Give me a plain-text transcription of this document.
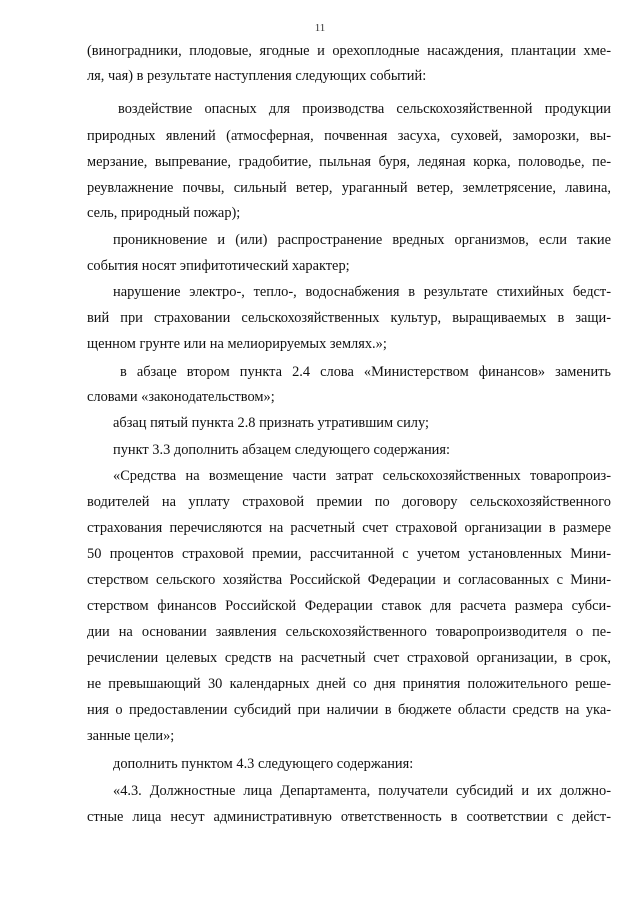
11
(виноградники, плодовые, ягодные и орехоплодные насаждения, плантации хме-
ля, чая) в результате наступления следующих событий:
воздействие опасных для производства сельскохозяйственной продукции
природных явлений (атмосферная, почвенная засуха, суховей, заморозки, вы-
мерзание, выпревание, градобитие, пыльная буря, ледяная корка, половодье, пе-
реувлажнение почвы, сильный ветер, ураганный ветер, землетрясение, лавина,
сель, природный пожар);
проникновение и (или) распространение вредных организмов, если такие
события носят эпифитотический характер;
нарушение электро-, тепло-, водоснабжения в результате стихийных бедст-
вий при страховании сельскохозяйственных культур, выращиваемых в защи-
щенном грунте или на мелиорируемых землях.»;
в абзаце втором пункта 2.4 слова «Министерством финансов» заменить
словами «законодательством»;
абзац пятый пункта 2.8 признать утратившим силу;
пункт 3.3 дополнить абзацем следующего содержания:
«Средства на возмещение части затрат сельскохозяйственных товаропроиз-
водителей на уплату страховой премии по договору сельскохозяйственного
страхования перечисляются на расчетный счет страховой организации в размере
50 процентов страховой премии, рассчитанной с учетом установленных Мини-
стерством сельского хозяйства Российской Федерации и согласованных с Мини-
стерством финансов Российской Федерации ставок для расчета размера субси-
дии на основании заявления сельскохозяйственного товаропроизводителя о пе-
речислении целевых средств на расчетный счет страховой организации, в срок,
не превышающий 30 календарных дней со дня принятия положительного реше-
ния о предоставлении субсидий при наличии в бюджете области средств на ука-
занные цели»;
дополнить пунктом 4.3 следующего содержания:
«4.3. Должностные лица Департамента, получатели субсидий и их должно-
стные лица несут административную ответственность в соответствии с дейст-
